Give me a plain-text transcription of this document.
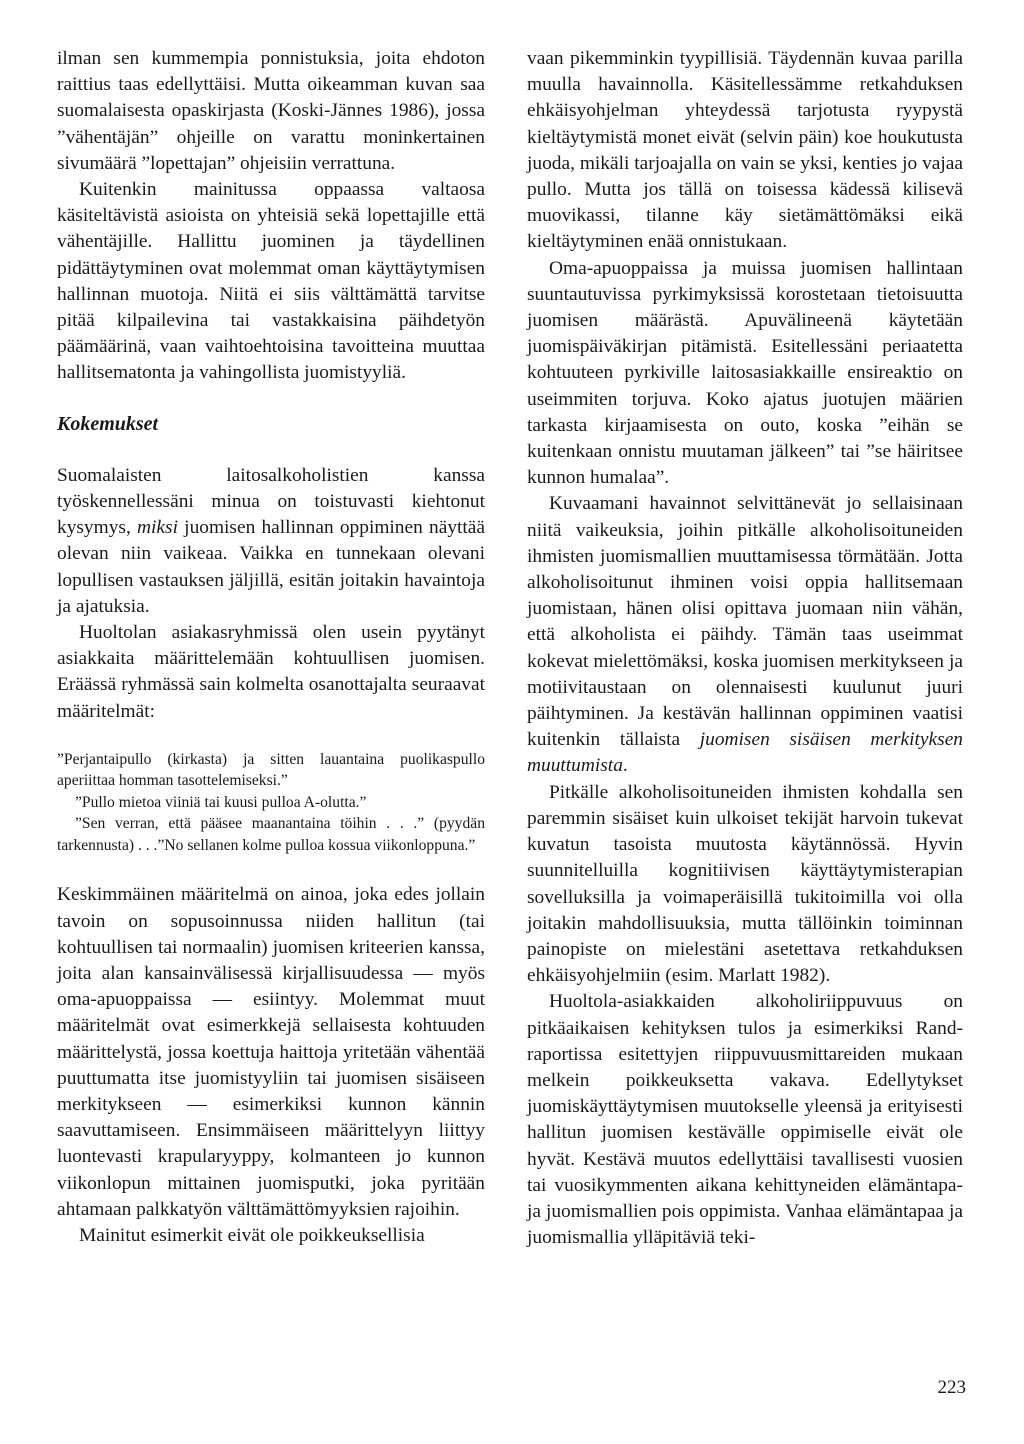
ilman sen kummempia ponnistuksia, joita ehdoton raittius taas edellyttäisi. Mutta oikeamman kuvan saa suomalaisesta opaskirjasta (Koski-Jännes 1986), jossa ”vähentäjän” ohjeille on varattu moninkertainen sivumäärä ”lopettajan” ohjeisiin verrattuna.

Kuitenkin mainitussa oppaassa valtaosa käsiteltävistä asioista on yhteisiä sekä lopettajille että vähentäjille. Hallittu juominen ja täydellinen pidättäytyminen ovat molemmat oman käyttäytymisen hallinnan muotoja. Niitä ei siis välttämättä tarvitse pitää kilpailevina tai vastakkaisina päihdetyön päämäärinä, vaan vaihtoehtoisina tavoitteina muuttaa hallitsematonta ja vahingollista juomistyyliä.

Kokemukset

Suomalaisten laitosalkoholistien kanssa työskennellessäni minua on toistuvasti kiehtonut kysymys, miksi juomisen hallinnan oppiminen näyttää olevan niin vaikeaa. Vaikka en tunnekaan olevani lopullisen vastauksen jäljillä, esitän joitakin havaintoja ja ajatuksia.

Huoltolan asiakasryhmissä olen usein pyytänyt asiakkaita määrittelemään kohtuullisen juomisen. Eräässä ryhmässä sain kolmelta osanottajalta seuraavat määritelmät:

”Perjantaipullo (kirkasta) ja sitten lauantaina puolikaspullo aperiittaa homman tasottelemiseksi.”

”Pullo mietoa viiniä tai kuusi pulloa A-olutta.”

”Sen verran, että pääsee maanantaina töihin . . .” (pyydän tarkennusta) . . .”No sellanen kolme pulloa kossua viikonloppuna.”

Keskimmäinen määritelmä on ainoa, joka edes jollain tavoin on sopusoinnussa niiden hallitun (tai kohtuullisen tai normaalin) juomisen kriteerien kanssa, joita alan kansainvälisessä kirjallisuudessa — myös oma-apuoppaissa — esiintyy. Molemmat muut määritelmät ovat esimerkkejä sellaisesta kohtuuden määrittelystä, jossa koettuja haittoja yritetään vähentää puuttumatta itse juomistyyliin tai juomisen sisäiseen merkitykseen — esimerkiksi kunnon kännin saavuttamiseen. Ensimmäiseen määrittelyyn liittyy luontevasti krapularyyppy, kolmanteen jo kunnon viikonlopun mittainen juomisputki, joka pyritään ahtamaan palkkatyön välttämättömyyksien rajoihin.

Mainitut esimerkit eivät ole poikkeuksellisia

vaan pikemminkin tyypillisiä. Täydennän kuvaa parilla muulla havainnolla. Käsitellessämme retkahduksen ehkäisyohjelman yhteydessä tarjotusta ryypystä kieltäytymistä monet eivät (selvin päin) koe houkutusta juoda, mikäli tarjoajalla on vain se yksi, kenties jo vajaa pullo. Mutta jos tällä on toisessa kädessä kilisevä muovikassi, tilanne käy sietämättömäksi eikä kieltäytyminen enää onnistukaan.

Oma-apuoppaissa ja muissa juomisen hallintaan suuntautuvissa pyrkimyksissä korostetaan tietoisuutta juomisen määrästä. Apuvälineenä käytetään juomispäiväkirjan pitämistä. Esitellessäni periaatetta kohtuuteen pyrkiville laitosasiakkaille ensireaktio on useimmiten torjuva. Koko ajatus juotujen määrien tarkasta kirjaamisesta on outo, koska ”eihän se kuitenkaan onnistu muutaman jälkeen” tai ”se häiritsee kunnon humalaa”.

Kuvaamani havainnot selvittänevät jo sellaisinaan niitä vaikeuksia, joihin pitkälle alkoholisoituneiden ihmisten juomismallien muuttamisessa törmätään. Jotta alkoholisoitunut ihminen voisi oppia hallitsemaan juomistaan, hänen olisi opittava juomaan niin vähän, että alkoholista ei päihdy. Tämän taas useimmat kokevat mielettömäksi, koska juomisen merkitykseen ja motiivitaustaan on olennaisesti kuulunut juuri päihtyminen. Ja kestävän hallinnan oppiminen vaatisi kuitenkin tällaista juomisen sisäisen merkityksen muuttumista.

Pitkälle alkoholisoituneiden ihmisten kohdalla sen paremmin sisäiset kuin ulkoiset tekijät harvoin tukevat kuvatun tasoista muutosta käytännössä. Hyvin suunnitelluilla kognitiivisen käyttäytymisterapian sovelluksilla ja voimaperäisillä tukitoimilla voi olla joitakin mahdollisuuksia, mutta tällöinkin toiminnan painopiste on mielestäni asetettava retkahduksen ehkäisyohjelmiin (esim. Marlatt 1982).

Huoltola-asiakkaiden alkoholiriippuvuus on pitkäaikaisen kehityksen tulos ja esimerkiksi Rand-raportissa esitettyjen riippuvuusmittareiden mukaan melkein poikkeuksetta vakava. Edellytykset juomiskäyttäytymisen muutokselle yleensä ja erityisesti hallitun juomisen kestävälle oppimiselle eivät ole hyvät. Kestävä muutos edellyttäisi tavallisesti vuosien tai vuosikymmenten aikana kehittyneiden elämäntapa- ja juomismallien pois oppimista. Vanhaa elämäntapaa ja juomismallia ylläpitäviä teki-

223
